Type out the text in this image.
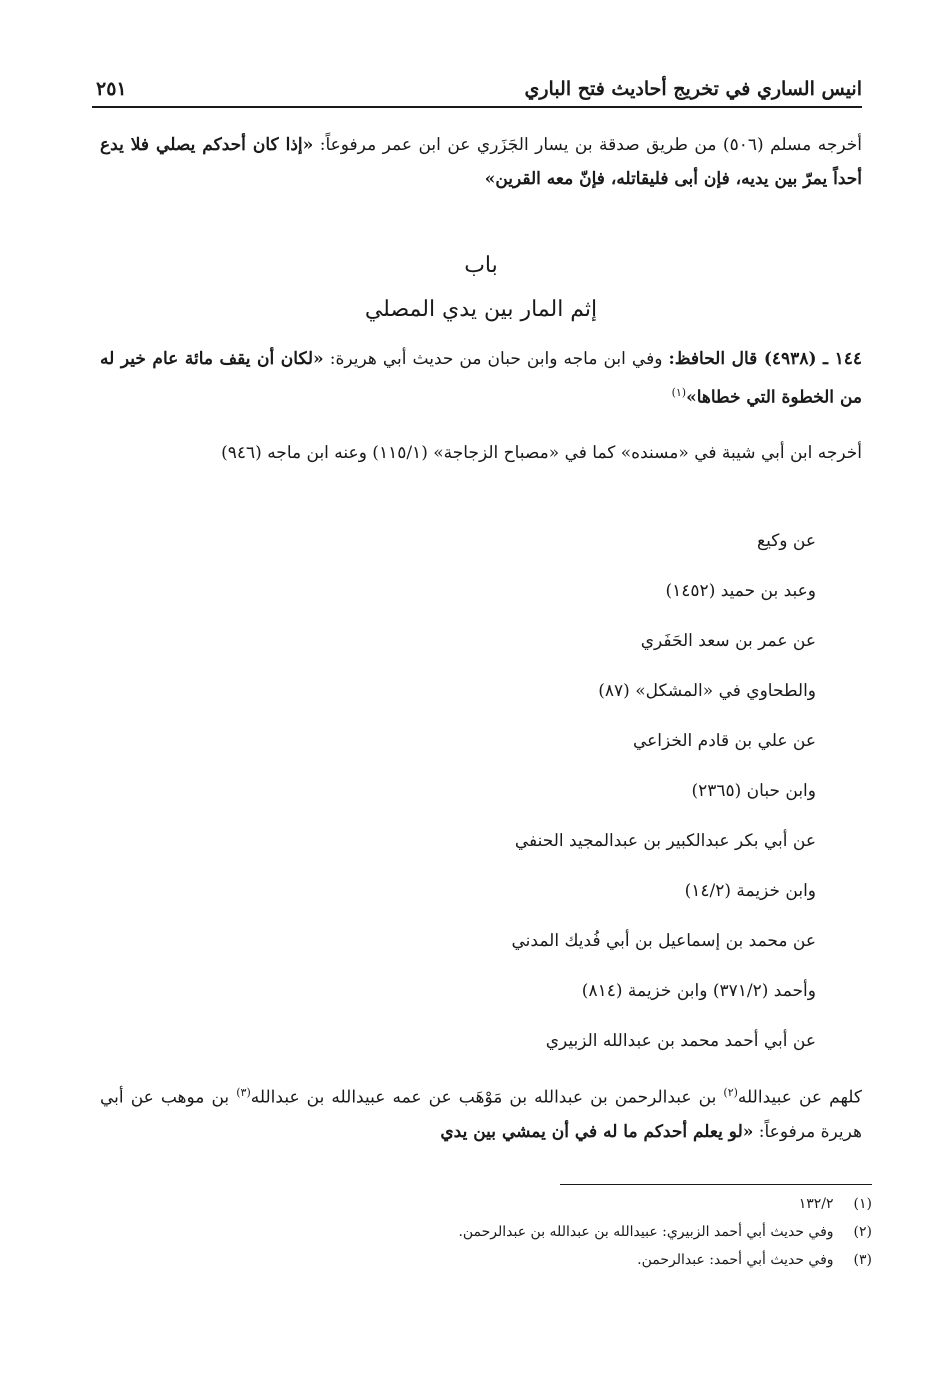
انيس الساري في تخريج أحاديث فتح الباري
٢٥١

أخرجه مسلم (٥٠٦) من طريق صدقة بن يسار الجَزَري عن ابن عمر مرفوعاً: «إذا كان أحدكم يصلي فلا يدع أحداً يمرّ بين يديه، فإن أبى فليقاتله، فإنّ معه القرين»

باب
إثم المار بين يدي المصلي

١٤٤ ـ (٤٩٣٨) قال الحافظ: وفي ابن ماجه وابن حبان من حديث أبي هريرة: «لكان أن يقف مائة عام خير له من الخطوة التي خطاها»$^{(١)}$

أخرجه ابن أبي شيبة في «مسنده» كما في «مصباح الزجاجة» (١١٥/١) وعنه ابن ماجه (٩٤٦)

عن وكيع
وعبد بن حميد (١٤٥٢)
عن عمر بن سعد الحَفَري
والطحاوي في «المشكل» (٨٧)
عن علي بن قادم الخزاعي
وابن حبان (٢٣٦٥)
عن أبي بكر عبدالكبير بن عبدالمجيد الحنفي
وابن خزيمة (١٤/٢)
عن محمد بن إسماعيل بن أبي فُديك المدني
وأحمد (٣٧١/٢) وابن خزيمة (٨١٤)
عن أبي أحمد محمد بن عبدالله الزبيري

كلهم عن عبيدالله$^{(٢)}$ بن عبدالرحمن بن عبدالله بن مَوْهَب عن عمه عبيدالله بن عبدالله$^{(٣)}$ بن موهب عن أبي هريرة مرفوعاً: «لو يعلم أحدكم ما له في أن يمشي بين يدي

(١) ١٣٢/٢
(٢) وفي حديث أبي أحمد الزبيري: عبيدالله بن عبدالله بن عبدالرحمن.
(٣) وفي حديث أبي أحمد: عبدالرحمن.
